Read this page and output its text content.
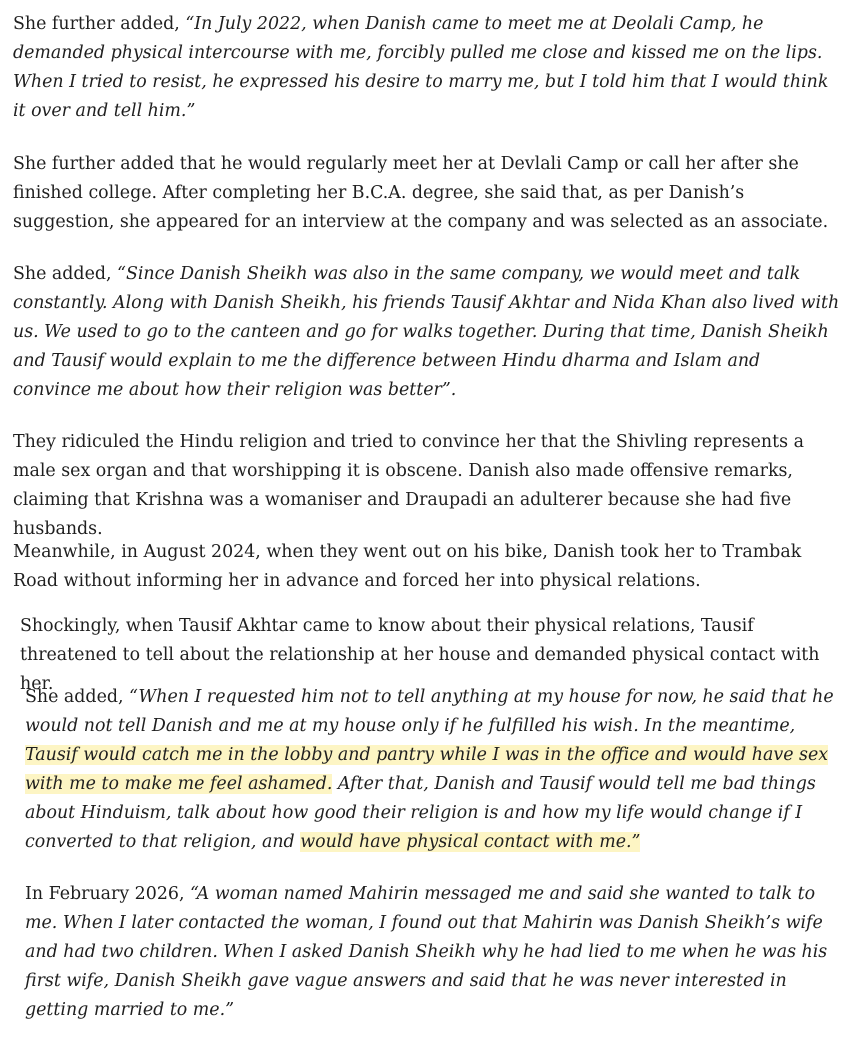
She further added, “In July 2022, when Danish came to meet me at Deolali Camp, he demanded physical intercourse with me, forcibly pulled me close and kissed me on the lips. When I tried to resist, he expressed his desire to marry me, but I told him that I would think it over and tell him.”

She further added that he would regularly meet her at Devlali Camp or call her after she finished college. After completing her B.C.A. degree, she said that, as per Danish’s suggestion, she appeared for an interview at the company and was selected as an associate.

She added, “Since Danish Sheikh was also in the same company, we would meet and talk constantly. Along with Danish Sheikh, his friends Tausif Akhtar and Nida Khan also lived with us. We used to go to the canteen and go for walks together. During that time, Danish Sheikh and Tausif would explain to me the difference between Hindu dharma and Islam and convince me about how their religion was better”.

They ridiculed the Hindu religion and tried to convince her that the Shivling represents a male sex organ and that worshipping it is obscene. Danish also made offensive remarks, claiming that Krishna was a womaniser and Draupadi an adulterer because she had five husbands.

Meanwhile, in August 2024, when they went out on his bike, Danish took her to Trambak Road without informing her in advance and forced her into physical relations.

Shockingly, when Tausif Akhtar came to know about their physical relations, Tausif threatened to tell about the relationship at her house and demanded physical contact with her.

She added, “When I requested him not to tell anything at my house for now, he said that he would not tell Danish and me at my house only if he fulfilled his wish. In the meantime, Tausif would catch me in the lobby and pantry while I was in the office and would have sex with me to make me feel ashamed. After that, Danish and Tausif would tell me bad things about Hinduism, talk about how good their religion is and how my life would change if I converted to that religion, and would have physical contact with me.”

In February 2026, “A woman named Mahirin messaged me and said she wanted to talk to me. When I later contacted the woman, I found out that Mahirin was Danish Sheikh’s wife and had two children. When I asked Danish Sheikh why he had lied to me when he was his first wife, Danish Sheikh gave vague answers and said that he was never interested in getting married to me.”
